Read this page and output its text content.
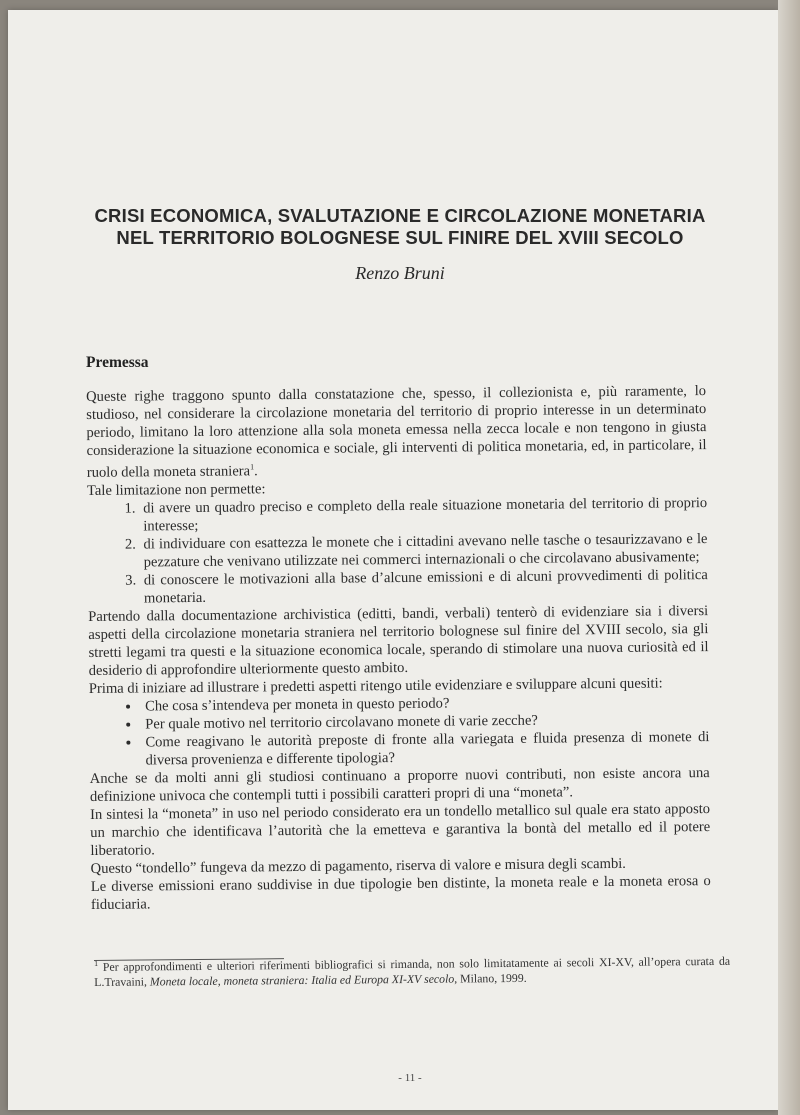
CRISI ECONOMICA, SVALUTAZIONE E CIRCOLAZIONE MONETARIA
NEL TERRITORIO BOLOGNESE SUL FINIRE DEL XVIII SECOLO
Renzo Bruni
Premessa

Queste righe traggono spunto dalla constatazione che, spesso, il collezionista e, più raramente, lo studioso, nel considerare la circolazione monetaria del territorio di proprio interesse in un determinato periodo, limitano la loro attenzione alla sola moneta emessa nella zecca locale e non tengono in giusta considerazione la situazione economica e sociale, gli interventi di politica monetaria, ed, in particolare, il ruolo della moneta straniera$^1$.

Tale limitazione non permette:

1. di avere un quadro preciso e completo della reale situazione monetaria del territorio di proprio interesse;
2. di individuare con esattezza le monete che i cittadini avevano nelle tasche o tesaurizzavano e le pezzature che venivano utilizzate nei commerci internazionali o che circolavano abusivamente;
3. di conoscere le motivazioni alla base d’alcune emissioni e di alcuni provvedimenti di politica monetaria.

Partendo dalla documentazione archivistica (editti, bandi, verbali) tenterò di evidenziare sia i diversi aspetti della circolazione monetaria straniera nel territorio bolognese sul finire del XVIII secolo, sia gli stretti legami tra questi e la situazione economica locale, sperando di stimolare una nuova curiosità ed il desiderio di approfondire ulteriormente questo ambito.

Prima di iniziare ad illustrare i predetti aspetti ritengo utile evidenziare e sviluppare alcuni quesiti:

• Che cosa s’intendeva per moneta in questo periodo?
• Per quale motivo nel territorio circolavano monete di varie zecche?
• Come reagivano le autorità preposte di fronte alla variegata e fluida presenza di monete di diversa provenienza e differente tipologia?

Anche se da molti anni gli studiosi continuano a proporre nuovi contributi, non esiste ancora una definizione univoca che contempli tutti i possibili caratteri propri di una “moneta”.

In sintesi la “moneta” in uso nel periodo considerato era un tondello metallico sul quale era stato apposto un marchio che identificava l’autorità che la emetteva e garantiva la bontà del metallo ed il potere liberatorio.

Questo “tondello” fungeva da mezzo di pagamento, riserva di valore e misura degli scambi.

Le diverse emissioni erano suddivise in due tipologie ben distinte, la moneta reale e la moneta erosa o fiduciaria.

$^1$ Per approfondimenti e ulteriori riferimenti bibliografici si rimanda, non solo limitatamente ai secoli XI-XV, all’opera curata da L.Travaini, Moneta locale, moneta straniera: Italia ed Europa XI-XV secolo, Milano, 1999.
- 11 -
